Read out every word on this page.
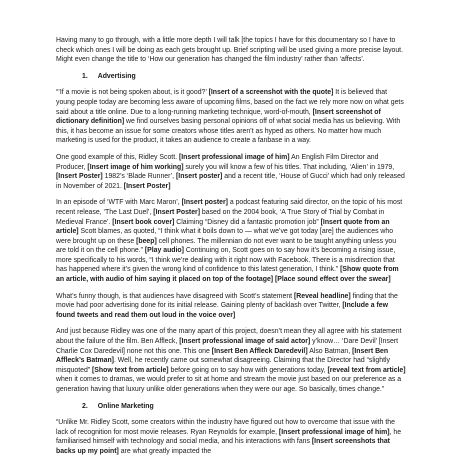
Having many to go through, with a little more depth I will talk [the topics I have for this documentary so I have to check which ones I will be doing as each gets brought up. Brief scripting will be used giving a more precise layout. Might even change the title to ‘How our generation has changed the film industry’ rather than ‘affects’.

1. Advertising

“’If a movie is not being spoken about, is it good?’ [Insert of a screenshot with the quote] It is believed that young people today are becoming less aware of upcoming films, based on the fact we rely more now on what gets said about a title online. Due to a long-running marketing technique, word-of-mouth, [Insert screenshot of dictionary definition] we find ourselves basing personal opinions off of what social media has us believing. With this, it has become an issue for some creators whose titles aren’t as hyped as others. No matter how much marketing is used for the product, it takes an audience to create a fanbase in a way.

One good example of this, Ridley Scott. [Insert professional image of him] An English Film Director and Producer, [Insert image of him working] surely you will know a few of his titles. That including, ‘Alien’ in 1979, [Insert Poster] 1982’s ‘Blade Runner’, [Insert poster] and a recent title, ‘House of Gucci’ which had only released in November of 2021. [Insert Poster]

In an episode of ‘WTF with Marc Maron’, [Insert poster] a podcast featuring said director, on the topic of his most recent release, ‘The Last Duel’, [Insert Poster] based on the 2004 book, ‘A True Story of Trial by Combat in Medieval France’. [Insert book cover] Claiming “Disney did a fantastic promotion job” [Insert quote from an article] Scott blames, as quoted, “I think what it boils down to — what we’ve got today [are] the audiences who were brought up on these [beep] cell phones. The millennian do not ever want to be taught anything unless you are told it on the cell phone.” [Play audio] Continuing on, Scott goes on to say how it’s becoming a rising issue, more specifically to his words, “I think we’re dealing with it right now with Facebook. There is a misdirection that has happened where it’s given the wrong kind of confidence to this latest generation, I think.” [Show quote from an article, with audio of him saying it placed on top of the footage] [Place sound effect over the swear]

What’s funny though, is that audiences have disagreed with Scott’s statement [Reveal headline] finding that the movie had poor advertising done for its initial release. Gaining plenty of backlash over Twitter, [Include a few found tweets and read them out loud in the voice over]

And just because Ridley was one of the many apart of this project, doesn’t mean they all agree with his statement about the failure of the film. Ben Affleck, [Insert professional image of said actor] y’know… ‘Dare Devil’ [Insert Charlie Cox Daredevil] none not this one. This one [Insert Ben Affleck Daredevil] Also Batman, [Insert Ben Affleck’s Batman]. Well, he recently came out somewhat disagreeing. Claiming that the Director had “slightly misquoted” [Show text from article] before going on to say how with generations today, [reveal text from article] when it comes to dramas, we would prefer to sit at home and stream the movie just based on our preference as a generation having that luxury unlike older generations when they were our age. So basically, times change.”

2. Online Marketing

“Unlike Mr. Ridley Scott, some creators within the industry have figured out how to overcome that issue with the lack of recognition for most movie releases. Ryan Reynolds for example, [Insert professional image of him], he familiarised himself with technology and social media, and his interactions with fans [Insert screenshots that backs up my point] are what greatly impacted the
